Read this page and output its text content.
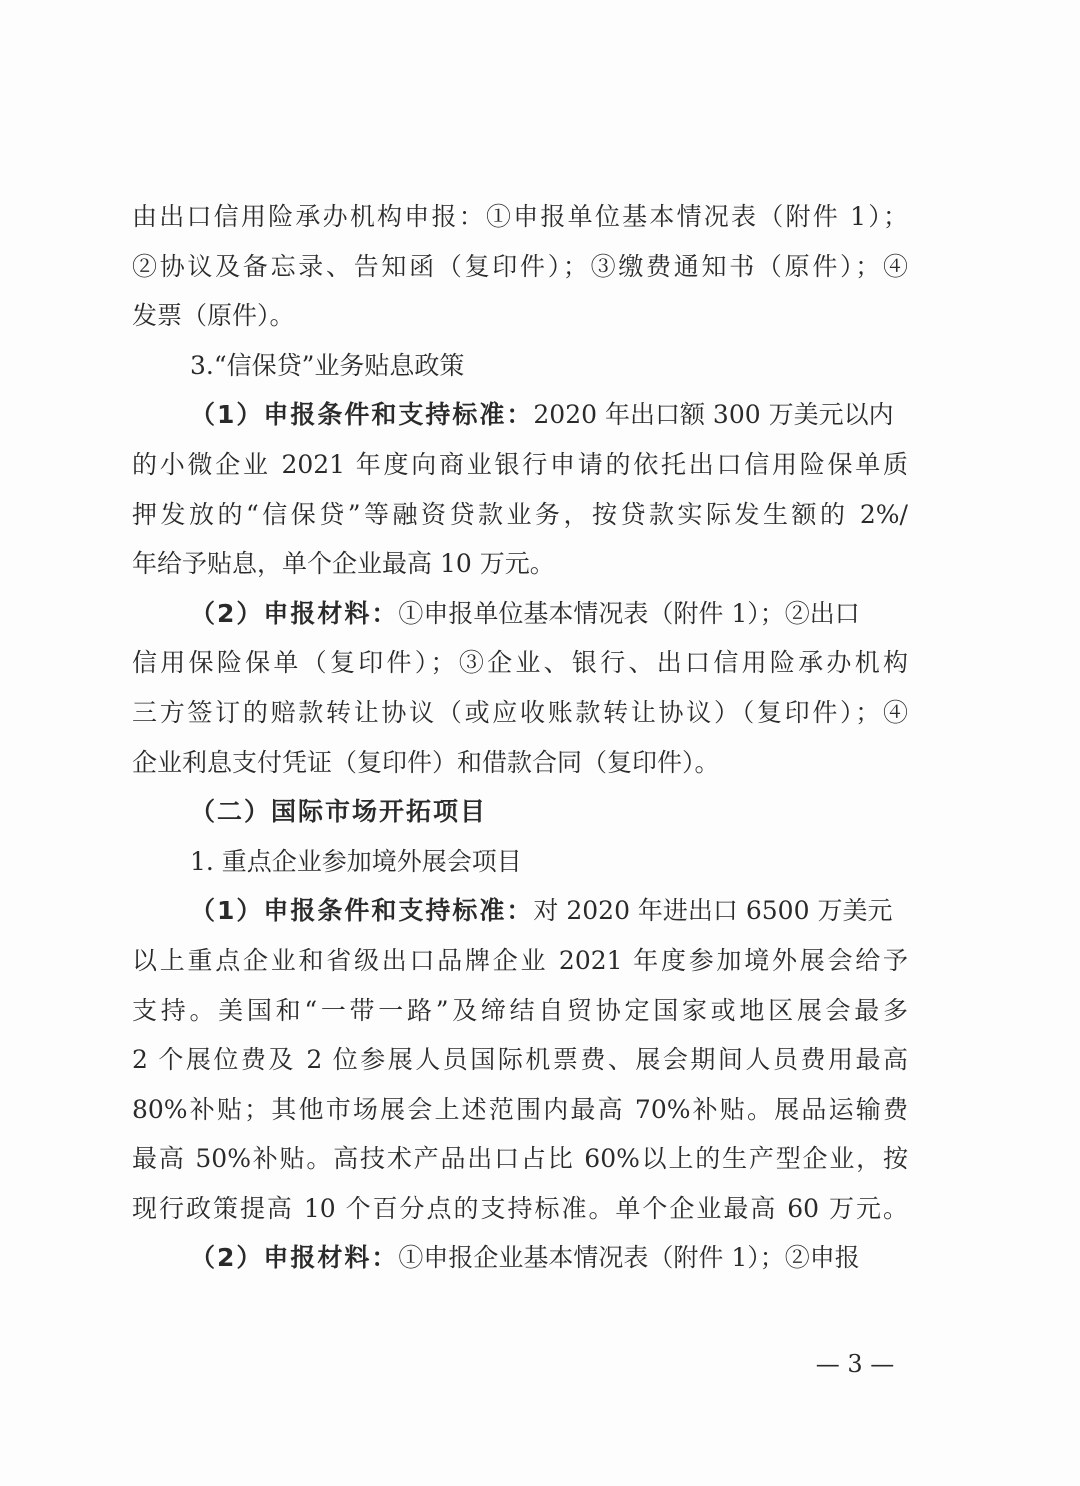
由出口信用险承办机构申报：①申报单位基本情况表（附件 1）；
②协议及备忘录、告知函（复印件）；③缴费通知书（原件）；④
发票（原件）。
3.“信保贷”业务贴息政策
（1）申报条件和支持标准：2020 年出口额 300 万美元以内
的小微企业 2021 年度向商业银行申请的依托出口信用险保单质
押发放的“信保贷”等融资贷款业务，按贷款实际发生额的 2%/
年给予贴息，单个企业最高 10 万元。
（2）申报材料：①申报单位基本情况表（附件 1）；②出口
信用保险保单（复印件）；③企业、银行、出口信用险承办机构
三方签订的赔款转让协议（或应收账款转让协议）（复印件）；④
企业利息支付凭证（复印件）和借款合同（复印件）。
（二）国际市场开拓项目
1. 重点企业参加境外展会项目
（1）申报条件和支持标准：对 2020 年进出口 6500 万美元
以上重点企业和省级出口品牌企业 2021 年度参加境外展会给予
支持。美国和“一带一路”及缔结自贸协定国家或地区展会最多
2 个展位费及 2 位参展人员国际机票费、展会期间人员费用最高
80%补贴；其他市场展会上述范围内最高 70%补贴。展品运输费
最高 50%补贴。高技术产品出口占比 60%以上的生产型企业，按
现行政策提高 10 个百分点的支持标准。单个企业最高 60 万元。
（2）申报材料：①申报企业基本情况表（附件 1）；②申报
— 3 —
